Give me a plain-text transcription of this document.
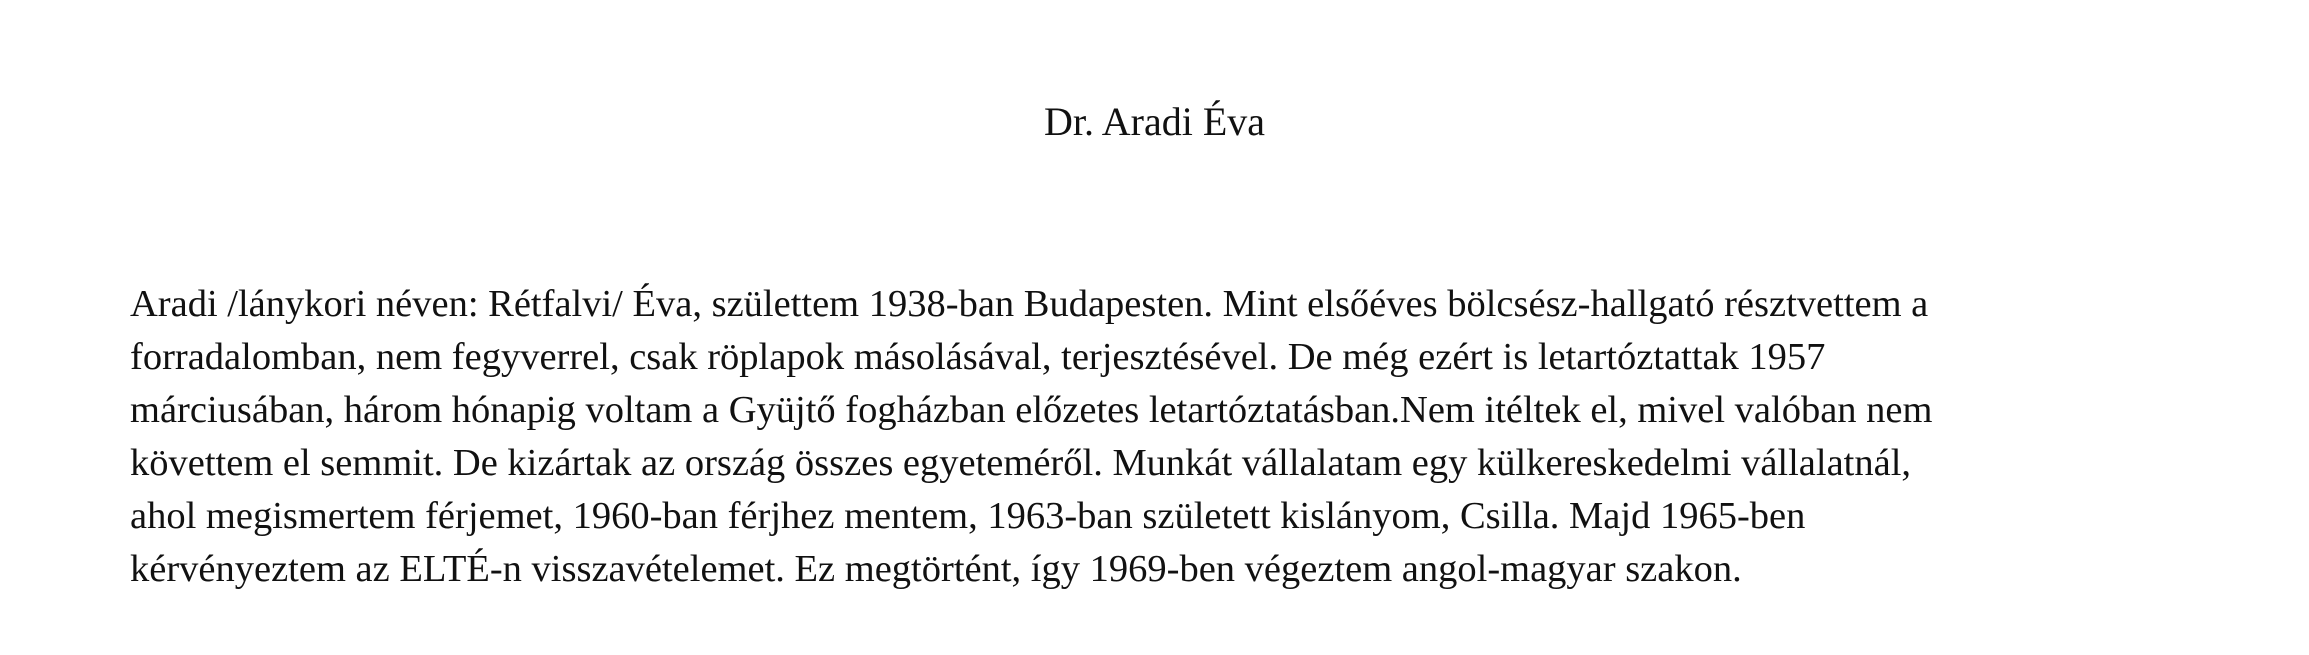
Dr. Aradi Éva

Aradi /lánykori néven: Rétfalvi/ Éva, születtem 1938-ban Budapesten. Mint elsőéves bölcsész-hallgató résztvettem a
forradalomban, nem fegyverrel, csak röplapok másolásával, terjesztésével. De még ezért is letartóztattak 1957
márciusában, három hónapig voltam a Gyüjtő fogházban előzetes letartóztatásban.Nem itéltek el, mivel valóban nem
követtem el semmit. De kizártak az ország összes egyeteméről. Munkát vállalatam egy külkereskedelmi vállalatnál,
ahol megismertem férjemet, 1960-ban férjhez mentem, 1963-ban született kislányom, Csilla. Majd 1965-ben
kérvényeztem az ELTÉ-n visszavételemet. Ez megtörtént, így 1969-ben végeztem angol-magyar szakon.
